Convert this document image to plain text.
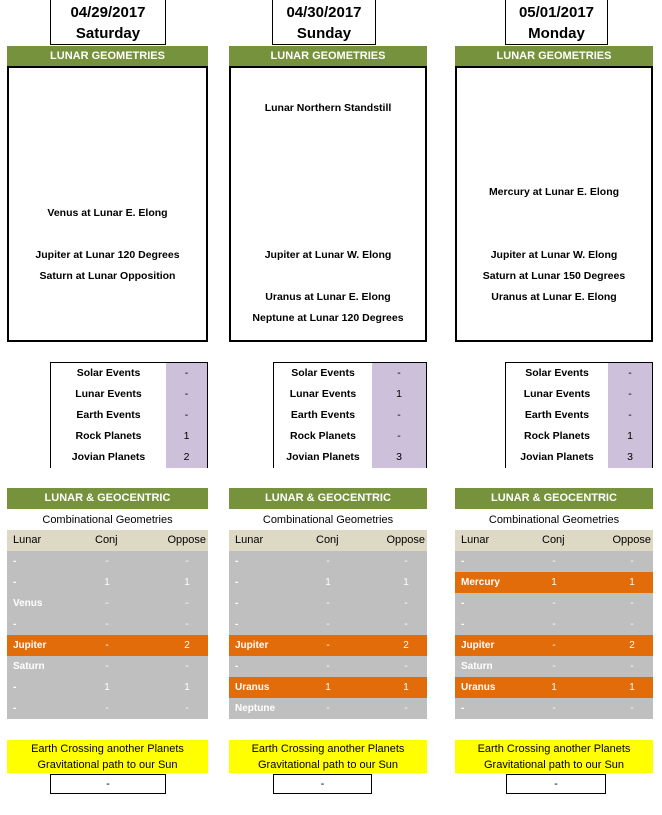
04/29/2017
Saturday
LUNAR GEOMETRIES
Venus at Lunar E. Elong
Jupiter at Lunar 120 Degrees
Saturn at Lunar Opposition
Solar Events	-
Lunar Events	-
Earth Events	-
Rock Planets	1
Jovian Planets	2
LUNAR & GEOCENTRIC
Combinational Geometries
Lunar	Conj	Oppose
-	-	-
-	1	1
Venus	-	-
-	-	-
Jupiter	-	2
Saturn	-	-
-	1	1
-	-	-
Earth Crossing another Planets
Gravitational path to our Sun
-
04/30/2017
Sunday
LUNAR GEOMETRIES
Lunar Northern Standstill
Jupiter at Lunar W. Elong
Uranus at Lunar E. Elong
Neptune at Lunar 120 Degrees
Solar Events	-
Lunar Events	1
Earth Events	-
Rock Planets	-
Jovian Planets	3
LUNAR & GEOCENTRIC
Combinational Geometries
Lunar	Conj	Oppose
-	-	-
-	1	1
-	-	-
-	-	-
Jupiter	-	2
-	-	-
Uranus	1	1
Neptune	-	-
Earth Crossing another Planets
Gravitational path to our Sun
-
05/01/2017
Monday
LUNAR GEOMETRIES
Mercury at Lunar E. Elong
Jupiter at Lunar W. Elong
Saturn at Lunar 150 Degrees
Uranus at Lunar E. Elong
Solar Events	-
Lunar Events	-
Earth Events	-
Rock Planets	1
Jovian Planets	3
LUNAR & GEOCENTRIC
Combinational Geometries
Lunar	Conj	Oppose
-	-	-
Mercury	1	1
-	-	-
-	-	-
Jupiter	-	2
Saturn	-	-
Uranus	1	1
-	-	-
Earth Crossing another Planets
Gravitational path to our Sun
-
